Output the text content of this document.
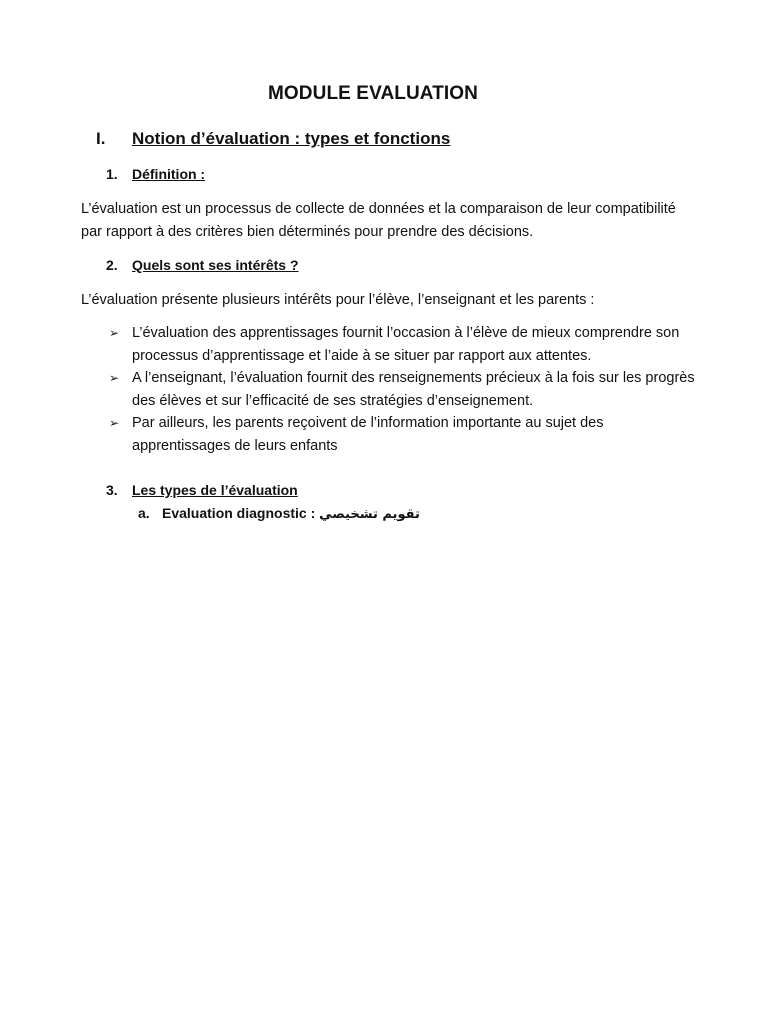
MODULE EVALUATION
I. Notion d’évaluation : types et fonctions
1. Définition :
L’évaluation est un processus de collecte de données et la comparaison de leur compatibilité par rapport à des critères bien déterminés pour prendre des décisions.
2. Quels sont ses intérêts ?
L’évaluation présente plusieurs intérêts pour l’élève, l’enseignant et les parents :
➢ L’évaluation des apprentissages fournit l’occasion à l’élève de mieux comprendre son processus d’apprentissage et l’aide à se situer par rapport aux attentes.
➢ A l’enseignant, l’évaluation fournit des renseignements précieux à la fois sur les progrès des élèves et sur l’efficacité de ses stratégies d’enseignement.
➢ Par ailleurs, les parents reçoivent de l’information importante au sujet des apprentissages de leurs enfants
3. Les types de l’évaluation
a. Evaluation diagnostic : تقويم تشخيصي
